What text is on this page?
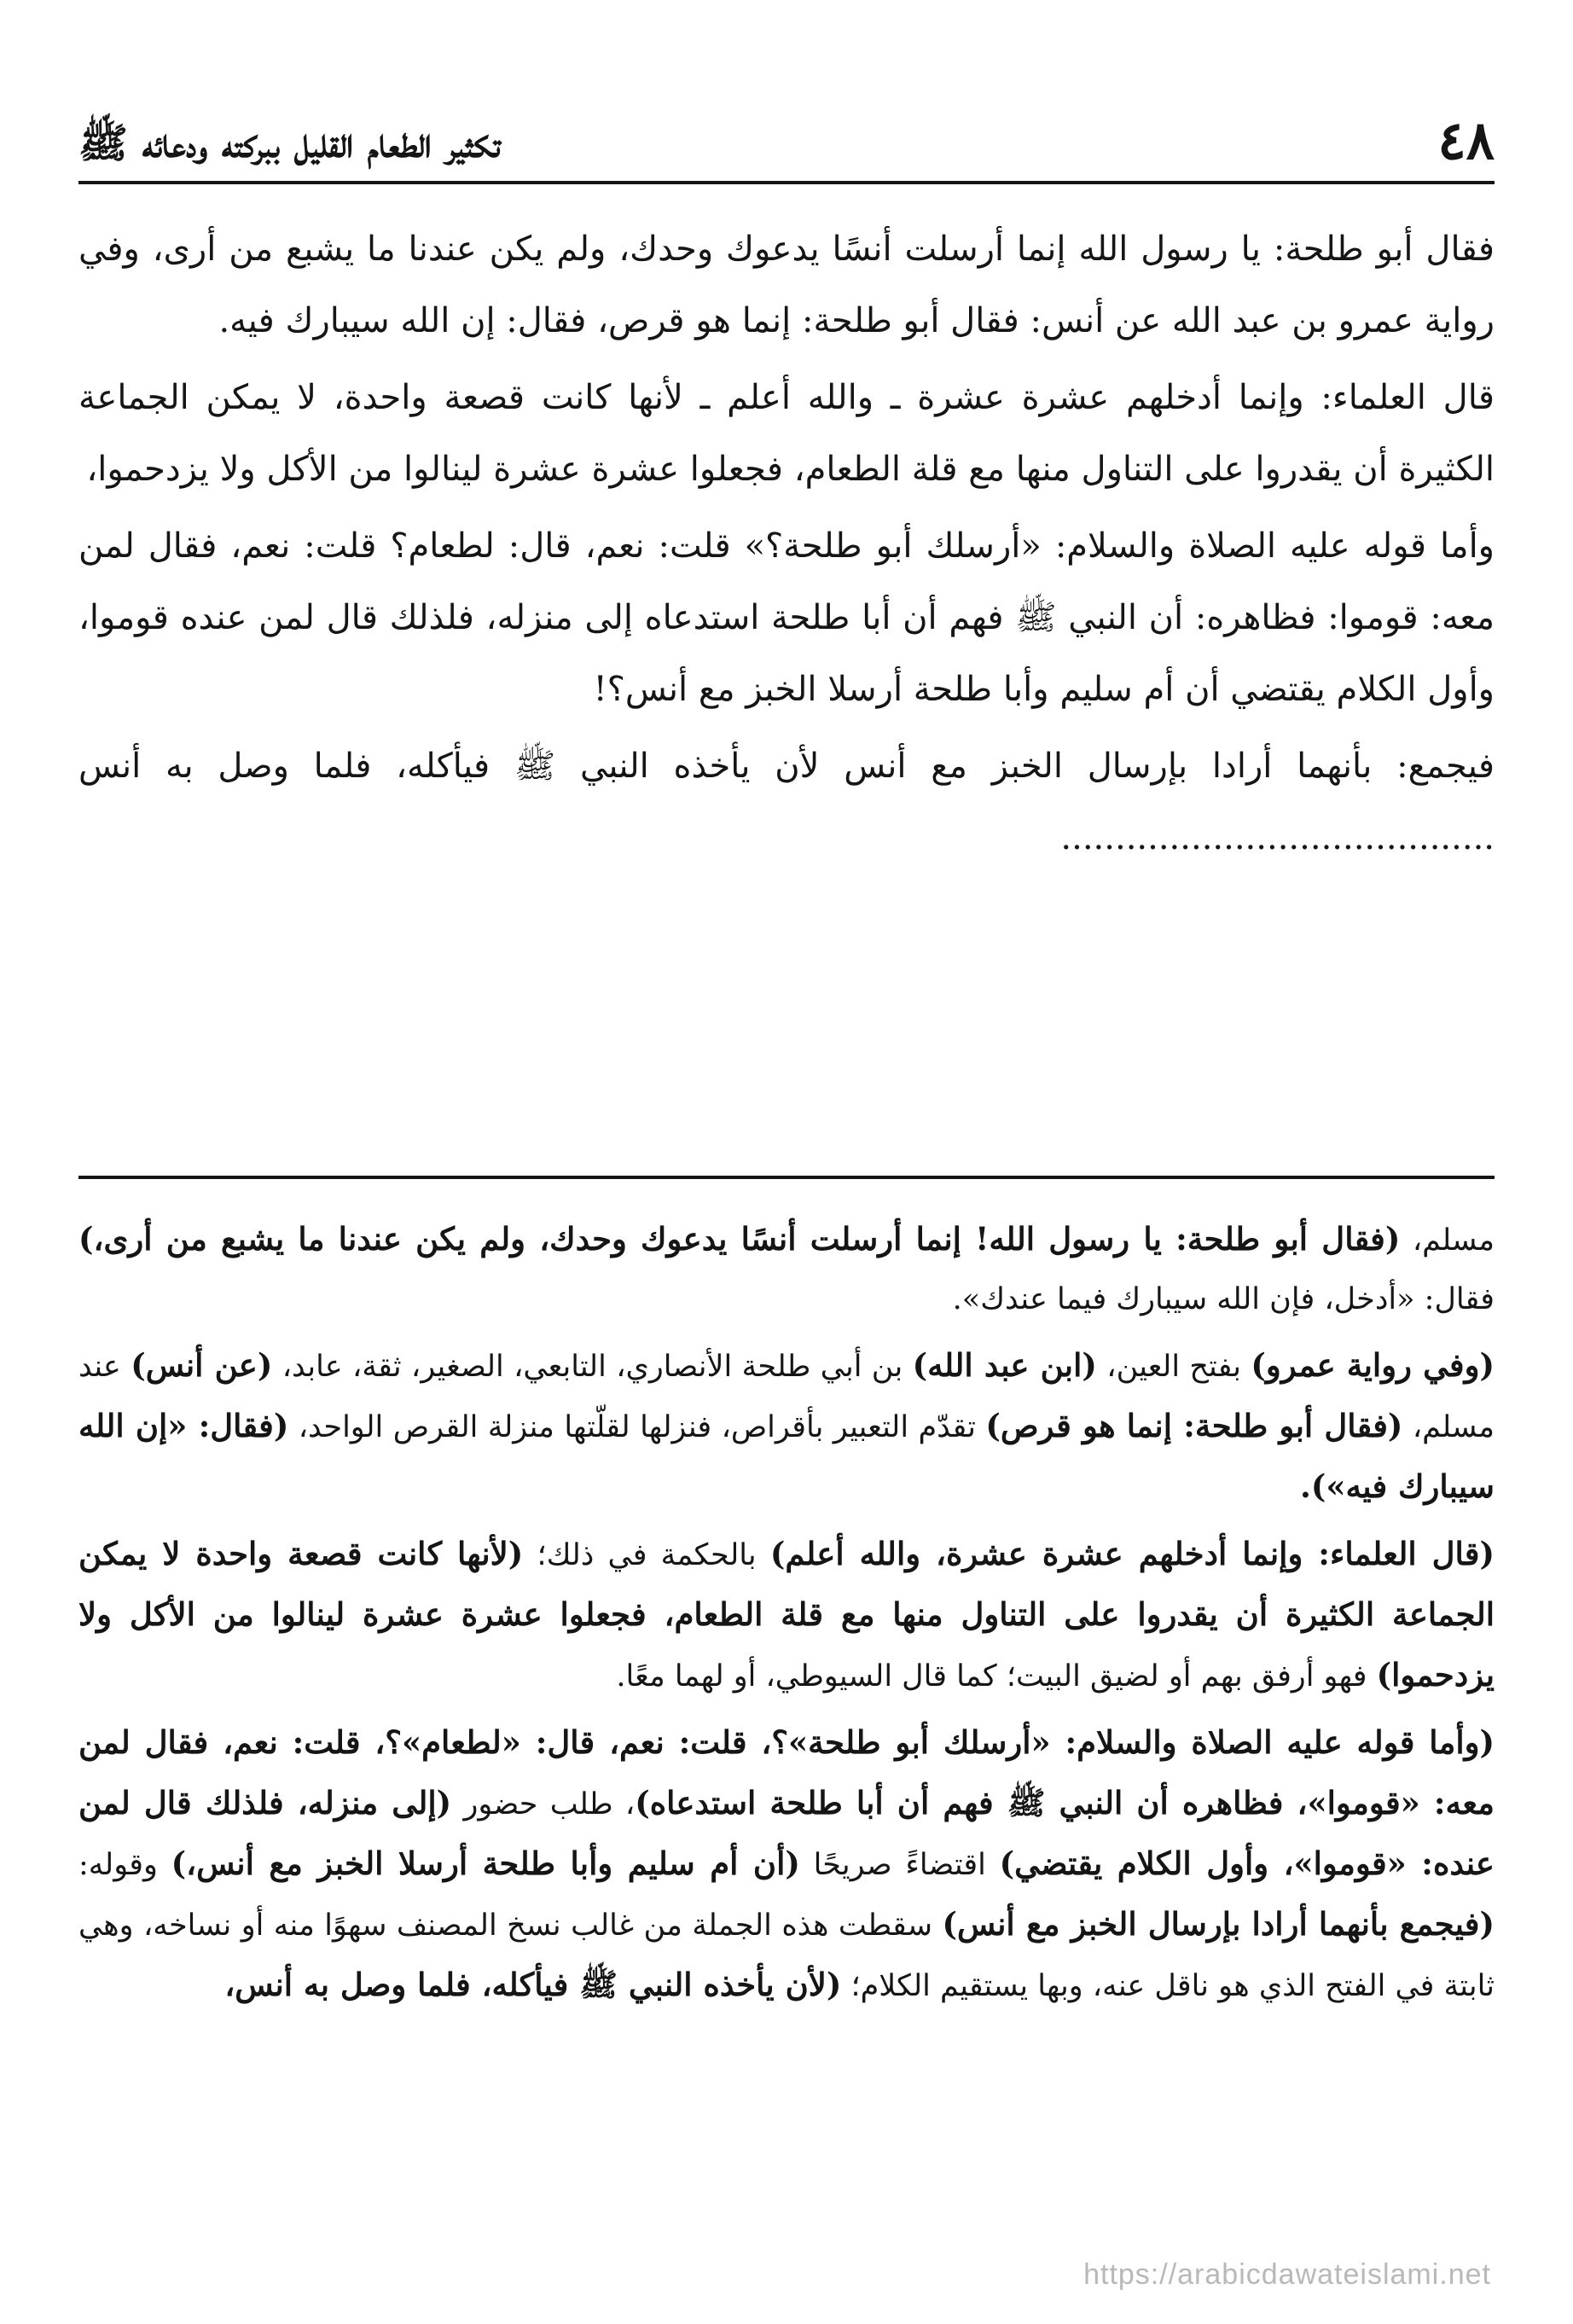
٤٨
تكثير الطعام القليل ببركته ودعائه ﷺ

فقال أبو طلحة: يا رسول الله إنما أرسلت أنسًا يدعوك وحدك، ولم يكن عندنا ما يشبع من أرى، وفي رواية عمرو بن عبد الله عن أنس: فقال أبو طلحة: إنما هو قرص، فقال: إن الله سيبارك فيه.

قال العلماء: وإنما أدخلهم عشرة عشرة ـ والله أعلم ـ لأنها كانت قصعة واحدة، لا يمكن الجماعة الكثيرة أن يقدروا على التناول منها مع قلة الطعام، فجعلوا عشرة عشرة لينالوا من الأكل ولا يزدحموا،

وأما قوله عليه الصلاة والسلام: «أرسلك أبو طلحة؟» قلت: نعم، قال: لطعام؟ قلت: نعم، فقال لمن معه: قوموا: فظاهره: أن النبي ﷺ فهم أن أبا طلحة استدعاه إلى منزله، فلذلك قال لمن عنده قوموا، وأول الكلام يقتضي أن أم سليم وأبا طلحة أرسلا الخبز مع أنس؟!

فيجمع: بأنهما أرادا بإرسال الخبز مع أنس لأن يأخذه النبي ﷺ فيأكله، فلما وصل به أنس ........................................

مسلم، (فقال أبو طلحة: يا رسول الله! إنما أرسلت أنسًا يدعوك وحدك، ولم يكن عندنا ما يشبع من أرى،) فقال: «أدخل، فإن الله سيبارك فيما عندك».

(وفي رواية عمرو) بفتح العين، (ابن عبد الله) بن أبي طلحة الأنصاري، التابعي، الصغير، ثقة، عابد، (عن أنس) عند مسلم، (فقال أبو طلحة: إنما هو قرص) تقدّم التعبير بأقراص، فنزلها لقلّتها منزلة القرص الواحد، (فقال: «إن الله سيبارك فيه»).

(قال العلماء: وإنما أدخلهم عشرة عشرة، والله أعلم) بالحكمة في ذلك؛ (لأنها كانت قصعة واحدة لا يمكن الجماعة الكثيرة أن يقدروا على التناول منها مع قلة الطعام، فجعلوا عشرة عشرة لينالوا من الأكل ولا يزدحموا) فهو أرفق بهم أو لضيق البيت؛ كما قال السيوطي، أو لهما معًا.

(وأما قوله عليه الصلاة والسلام: «أرسلك أبو طلحة»؟، قلت: نعم، قال: «لطعام»؟، قلت: نعم، فقال لمن معه: «قوموا»، فظاهره أن النبي ﷺ فهم أن أبا طلحة استدعاه)، طلب حضور (إلى منزله، فلذلك قال لمن عنده: «قوموا»، وأول الكلام يقتضي) اقتضاءً صريحًا (أن أم سليم وأبا طلحة أرسلا الخبز مع أنس،) وقوله: (فيجمع بأنهما أرادا بإرسال الخبز مع أنس) سقطت هذه الجملة من غالب نسخ المصنف سهوًا منه أو نساخه، وهي ثابتة في الفتح الذي هو ناقل عنه، وبها يستقيم الكلام؛ (لأن يأخذه النبي ﷺ فيأكله، فلما وصل به أنس،

https://arabicdawateislami.net
